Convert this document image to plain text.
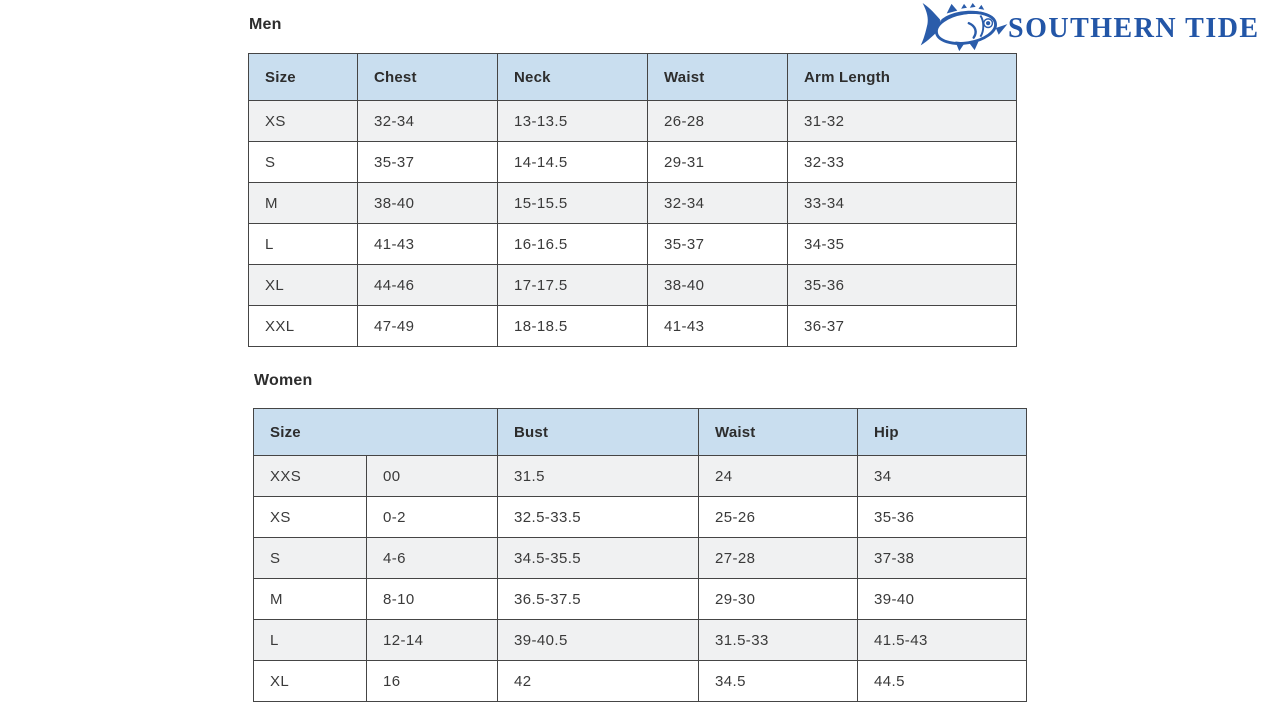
SOUTHERN TIDE
Men
Size	Chest	Neck	Waist	Arm Length
XS	32-34	13-13.5	26-28	31-32
S	35-37	14-14.5	29-31	32-33
M	38-40	15-15.5	32-34	33-34
L	41-43	16-16.5	35-37	34-35
XL	44-46	17-17.5	38-40	35-36
XXL	47-49	18-18.5	41-43	36-37
Women
Size		Bust	Waist	Hip
XXS	00	31.5	24	34
XS	0-2	32.5-33.5	25-26	35-36
S	4-6	34.5-35.5	27-28	37-38
M	8-10	36.5-37.5	29-30	39-40
L	12-14	39-40.5	31.5-33	41.5-43
XL	16	42	34.5	44.5
